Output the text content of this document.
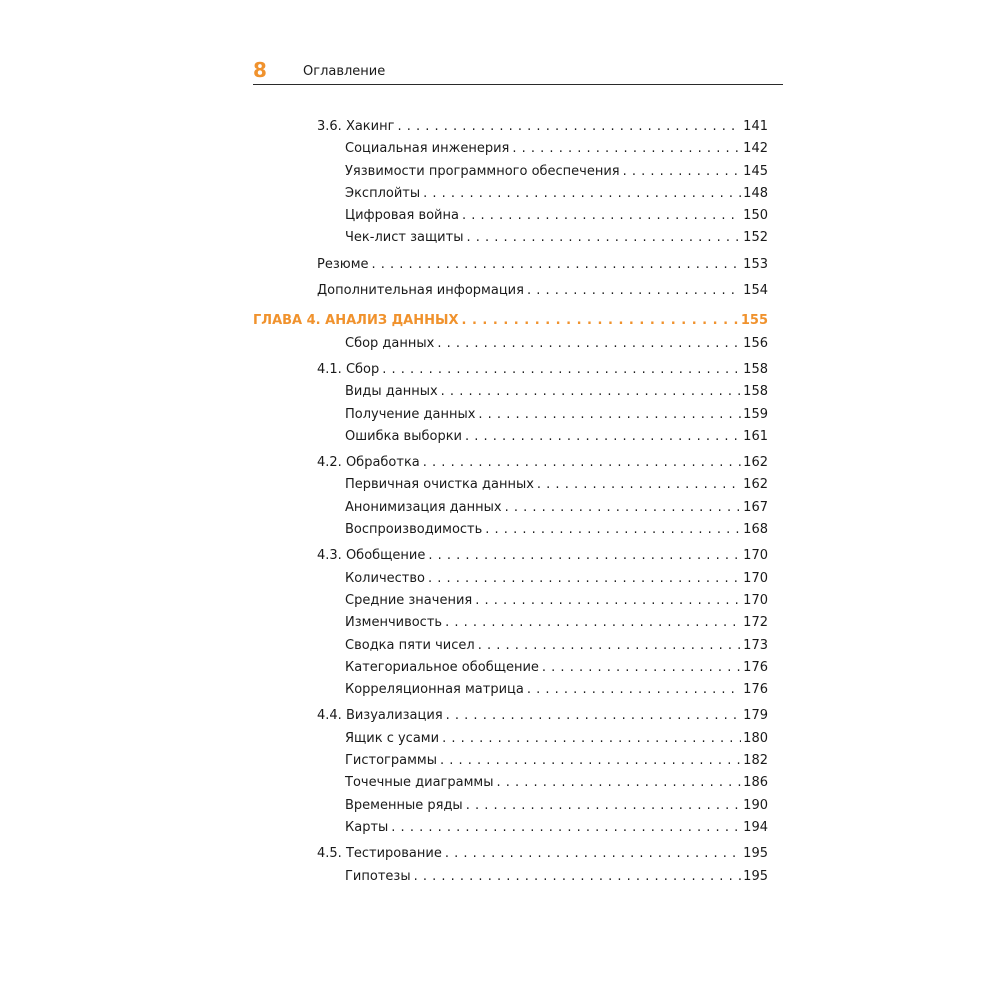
8	Оглавление
3.6. Хакинг . . .	141
Социальная инженерия . . .	142
Уязвимости программного обеспечения . . .	145
Эксплойты . . .	148
Цифровая война . . .	150
Чек-лист защиты . . .	152
Резюме . . .	153
Дополнительная информация . . .	154
ГЛАВА 4. АНАЛИЗ ДАННЫХ . . .	155
Сбор данных . . .	156
4.1. Сбор . . .	158
Виды данных . . .	158
Получение данных . . .	159
Ошибка выборки . . .	161
4.2. Обработка . . .	162
Первичная очистка данных . . .	162
Анонимизация данных . . .	167
Воспроизводимость . . .	168
4.3. Обобщение . . .	170
Количество . . .	170
Средние значения . . .	170
Изменчивость . . .	172
Сводка пяти чисел . . .	173
Категориальное обобщение . . .	176
Корреляционная матрица . . .	176
4.4. Визуализация . . .	179
Ящик с усами . . .	180
Гистограммы . . .	182
Точечные диаграммы . . .	186
Временные ряды . . .	190
Карты . . .	194
4.5. Тестирование . . .	195
Гипотезы . . .	195
